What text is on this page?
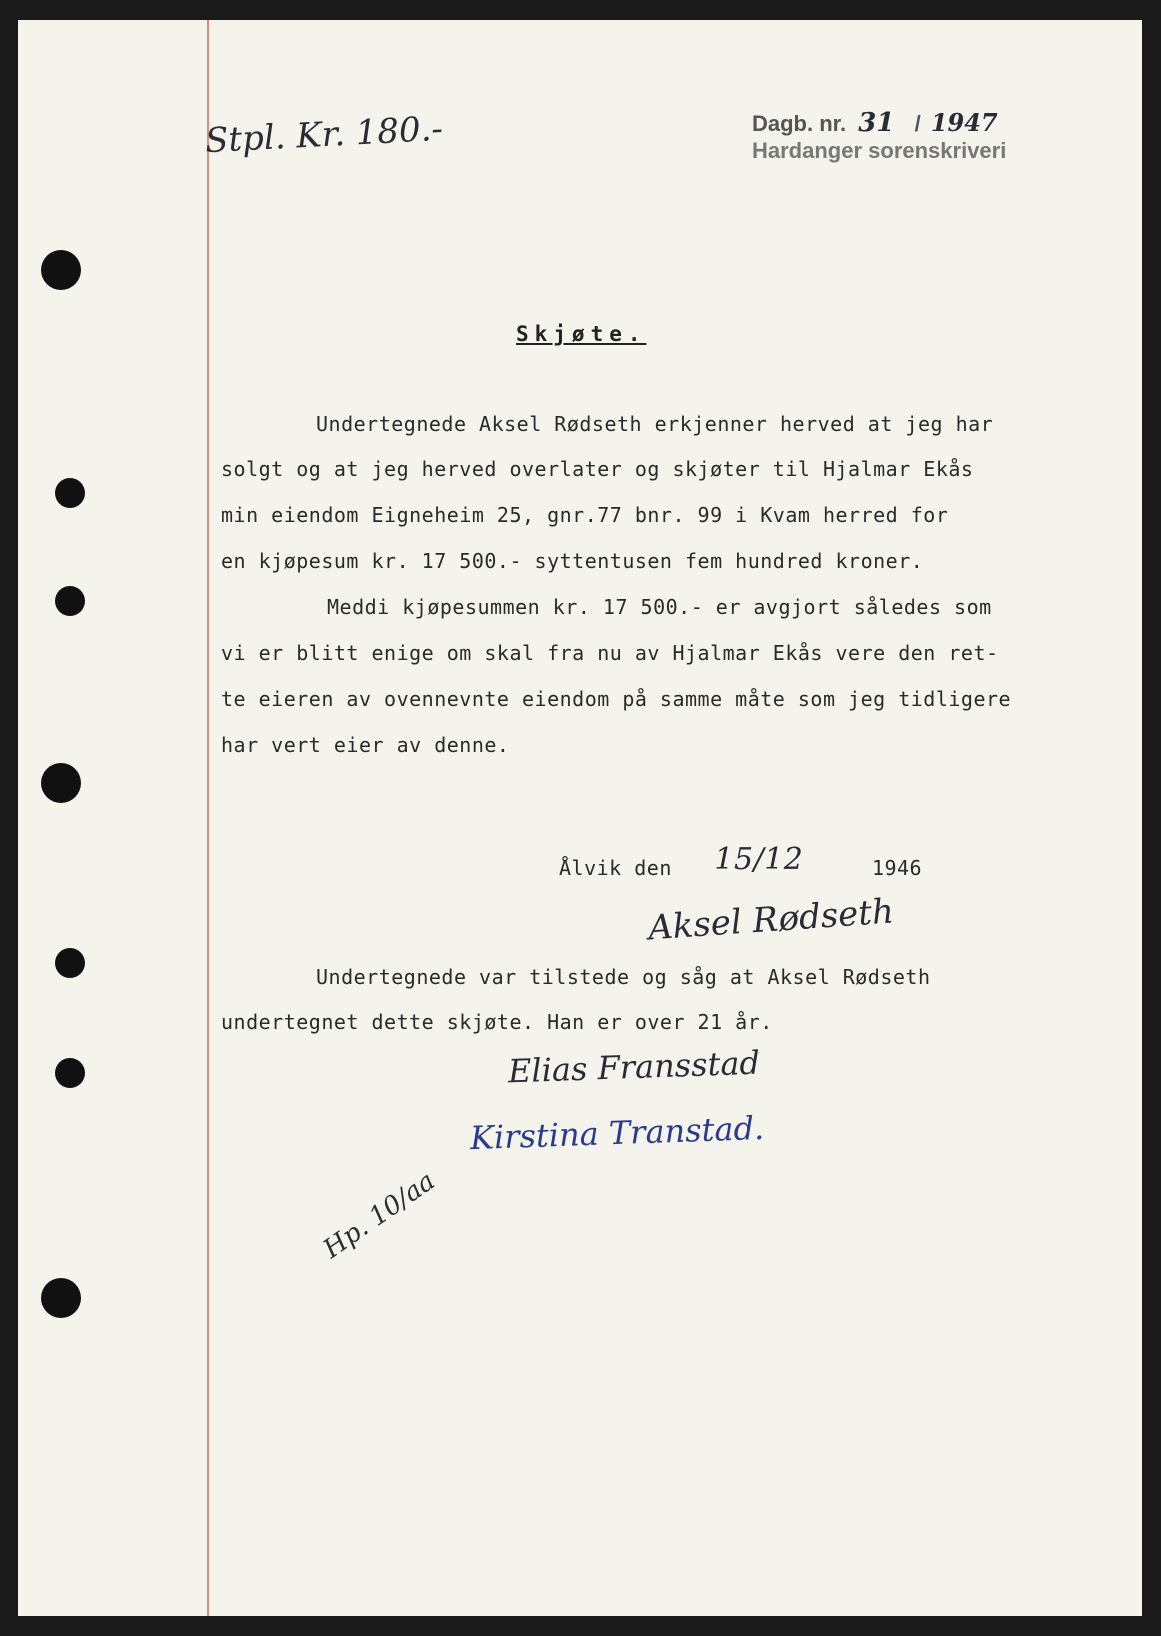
Stpl. Kr. 180.-	Dagb. nr. 31 / 1947
Hardanger sorenskriveri
Skjøte.
Undertegnede Aksel Rødseth erkjenner herved at jeg har
solgt og at jeg herved overlater og skjøter til Hjalmar Ekås
min eiendom Eigneheim 25, gnr.77 bnr. 99 i Kvam herred for
en kjøpesum kr. 17 500.- syttentusen fem hundred kroner.
Meddi kjøpesummen kr. 17 500.- er avgjort således som
vi er blitt enige om skal fra nu av Hjalmar Ekås vere den ret-
te eieren av ovennevnte eiendom på samme måte som jeg tidligere
har vert eier av denne.
Ålvik den 15/12	1946
Aksel Rødseth
Undertegnede var tilstede og såg at Aksel Rødseth
undertegnet dette skjøte. Han er over 21 år.
Elias Fransstad
Kirstina Transtad.
Hp. 10/aa
